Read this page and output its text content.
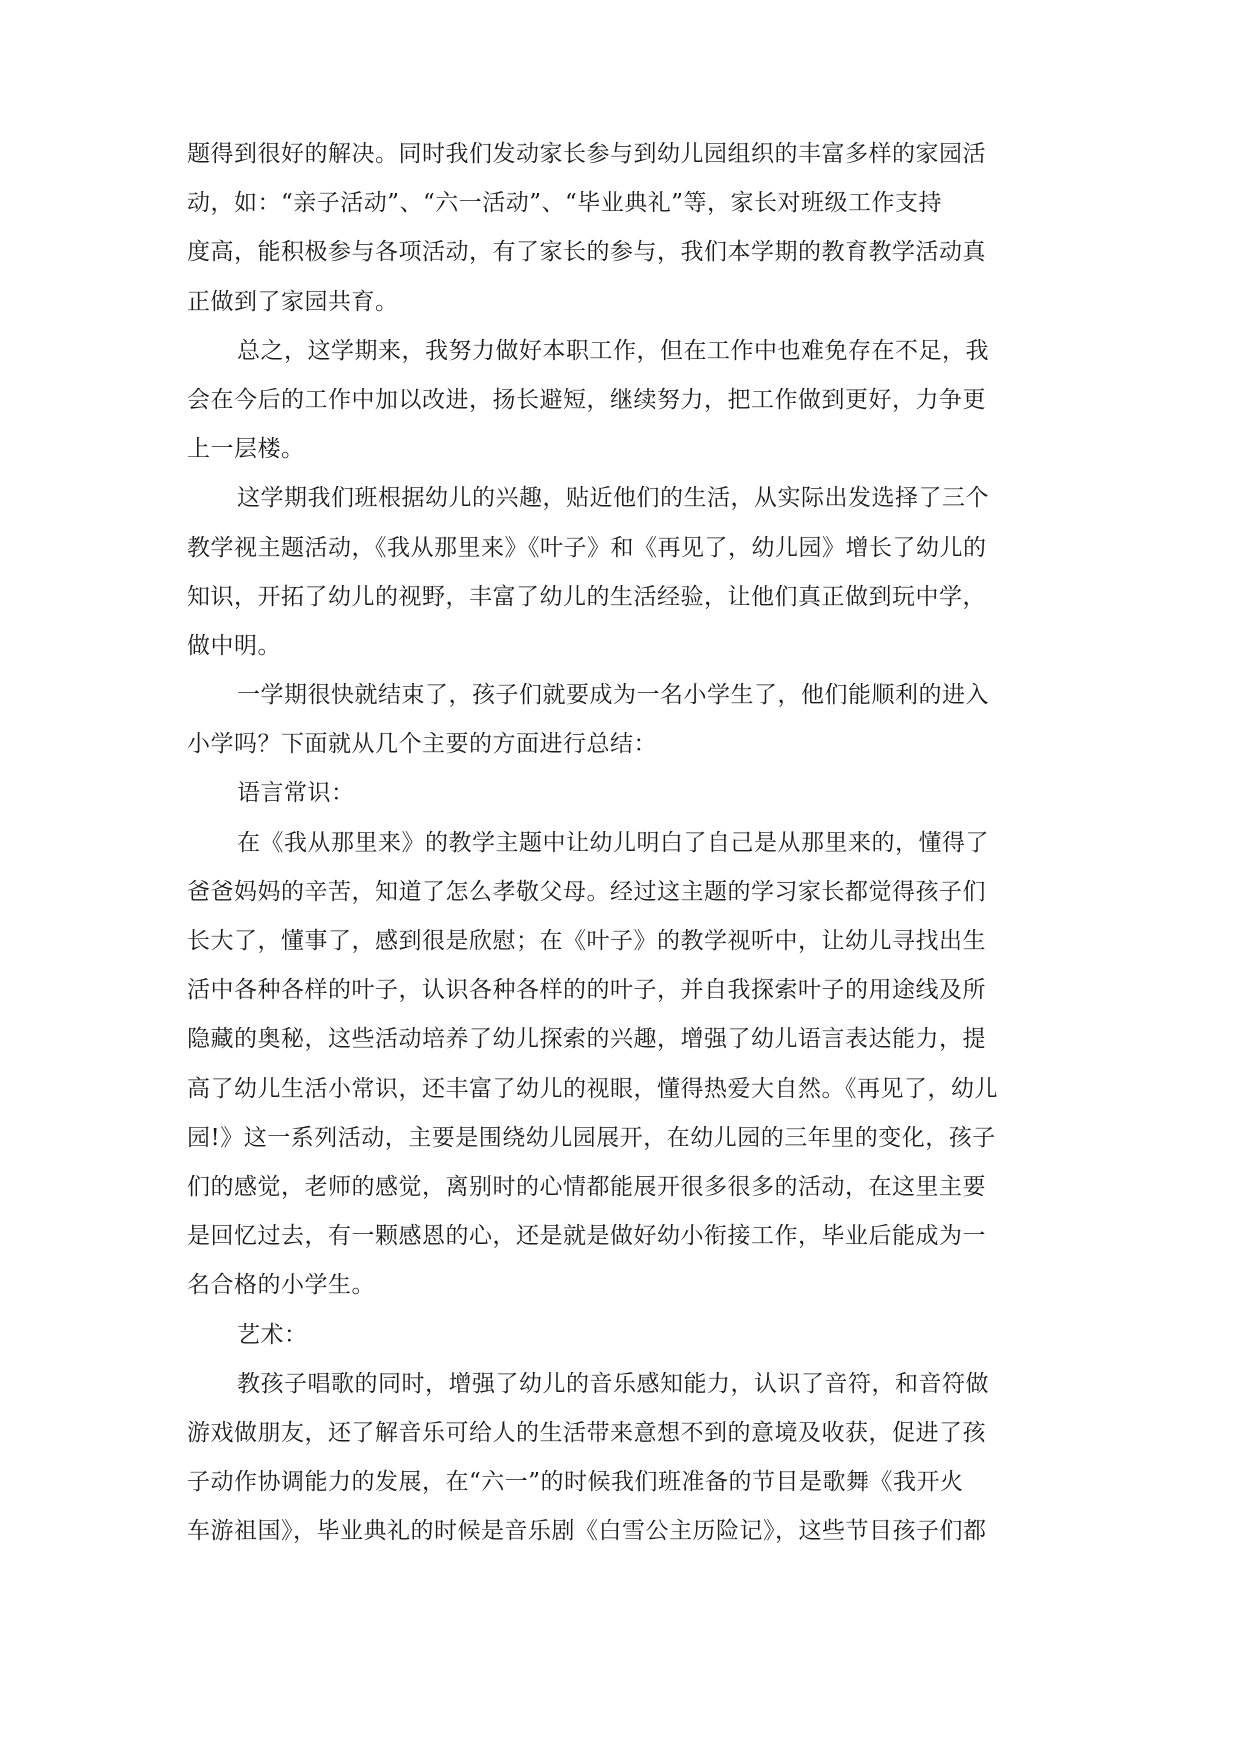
题得到很好的解决。同时我们发动家长参与到幼儿园组织的丰富多样的家园活
动，如：“亲子活动”、“六一活动”、“毕业典礼”等，家长对班级工作支持
度高，能积极参与各项活动，有了家长的参与，我们本学期的教育教学活动真
正做到了家园共育。
总之，这学期来，我努力做好本职工作，但在工作中也难免存在不足，我
会在今后的工作中加以改进，扬长避短，继续努力，把工作做到更好，力争更
上一层楼。
这学期我们班根据幼儿的兴趣，贴近他们的生活，从实际出发选择了三个
教学视主题活动，《我从那里来》《叶子》和《再见了，幼儿园》增长了幼儿的
知识，开拓了幼儿的视野，丰富了幼儿的生活经验，让他们真正做到玩中学，
做中明。
一学期很快就结束了，孩子们就要成为一名小学生了，他们能顺利的进入
小学吗？下面就从几个主要的方面进行总结：
语言常识：
在《我从那里来》的教学主题中让幼儿明白了自己是从那里来的，懂得了
爸爸妈妈的辛苦，知道了怎么孝敬父母。经过这主题的学习家长都觉得孩子们
长大了，懂事了，感到很是欣慰；在《叶子》的教学视听中，让幼儿寻找出生
活中各种各样的叶子，认识各种各样的的叶子，并自我探索叶子的用途线及所
隐藏的奥秘，这些活动培养了幼儿探索的兴趣，增强了幼儿语言表达能力，提
高了幼儿生活小常识，还丰富了幼儿的视眼，懂得热爱大自然。《再见了，幼儿
园!》这一系列活动，主要是围绕幼儿园展开，在幼儿园的三年里的变化，孩子
们的感觉，老师的感觉，离别时的心情都能展开很多很多的活动，在这里主要
是回忆过去，有一颗感恩的心，还是就是做好幼小衔接工作，毕业后能成为一
名合格的小学生。
艺术：
教孩子唱歌的同时，增强了幼儿的音乐感知能力，认识了音符，和音符做
游戏做朋友，还了解音乐可给人的生活带来意想不到的意境及收获，促进了孩
子动作协调能力的发展，在“六一”的时候我们班准备的节目是歌舞《我开火
车游祖国》，毕业典礼的时候是音乐剧《白雪公主历险记》，这些节目孩子们都
